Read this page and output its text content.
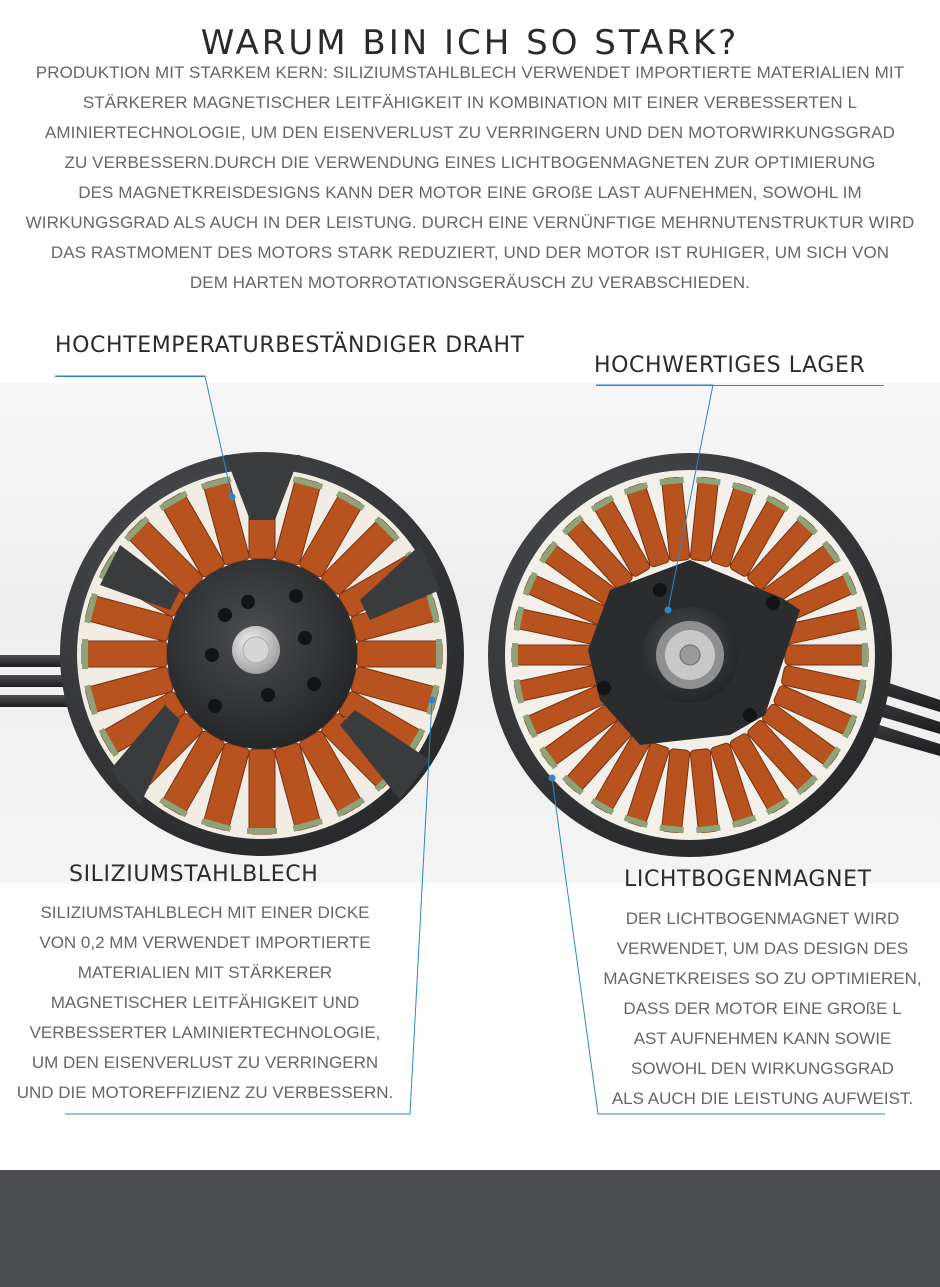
WARUM BIN ICH SO STARK?
PRODUKTION MIT STARKEM KERN: SILIZIUMSTAHLBLECH VERWENDET IMPORTIERTE MATERIALIEN MIT
STÄRKERER MAGNETISCHER LEITFÄHIGKEIT IN KOMBINATION MIT EINER VERBESSERTEN L
AMINIERTECHNOLOGIE, UM DEN EISENVERLUST ZU VERRINGERN UND DEN MOTORWIRKUNGSGRAD
ZU VERBESSERN.DURCH DIE VERWENDUNG EINES LICHTBOGENMAGNETEN ZUR OPTIMIERUNG
DES MAGNETKREISDESIGNS KANN DER MOTOR EINE GROßE LAST AUFNEHMEN, SOWOHL IM
WIRKUNGSGRAD ALS AUCH IN DER LEISTUNG. DURCH EINE VERNÜNFTIGE MEHRNUTENSTRUKTUR WIRD
DAS RASTMOMENT DES MOTORS STARK REDUZIERT, UND DER MOTOR IST RUHIGER, UM SICH VON
DEM HARTEN MOTORROTATIONSGERÄUSCH ZU VERABSCHIEDEN.
HOCHTEMPERATURBESTÄNDIGER DRAHT
HOCHWERTIGES LAGER
SILIZIUMSTAHLBLECH
SILIZIUMSTAHLBLECH MIT EINER DICKE
VON 0,2 MM VERWENDET IMPORTIERTE
MATERIALIEN MIT STÄRKERER
MAGNETISCHER LEITFÄHIGKEIT UND
VERBESSERTER LAMINIERTECHNOLOGIE,
UM DEN EISENVERLUST ZU VERRINGERN
UND DIE MOTOREFFIZIENZ ZU VERBESSERN.
LICHTBOGENMAGNET
DER LICHTBOGENMAGNET WIRD
VERWENDET, UM DAS DESIGN DES
MAGNETKREISES SO ZU OPTIMIEREN,
DASS DER MOTOR EINE GROßE L
AST AUFNEHMEN KANN SOWIE
SOWOHL DEN WIRKUNGSGRAD
ALS AUCH DIE LEISTUNG AUFWEIST.
